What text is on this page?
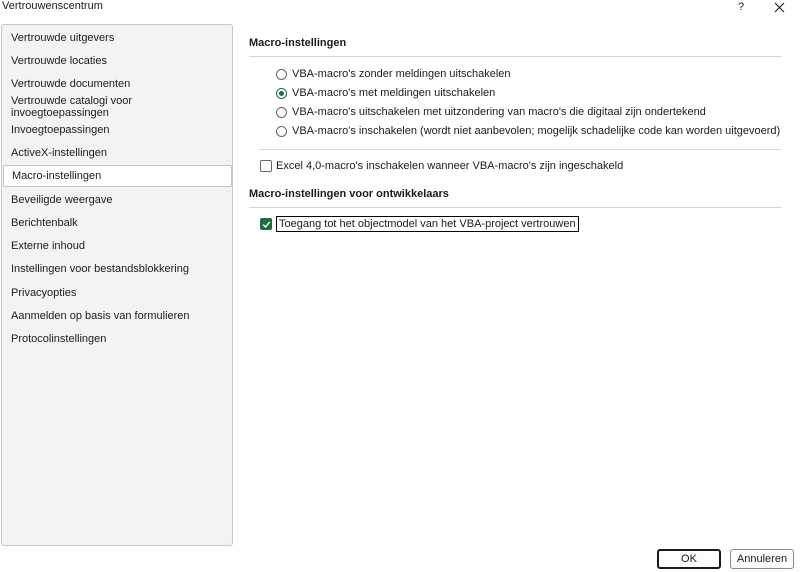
Vertrouwenscentrum	?
Vertrouwde uitgevers
Vertrouwde locaties
Vertrouwde documenten
Vertrouwde catalogi voor invoegtoepassingen
Invoegtoepassingen
ActiveX-instellingen
Macro-instellingen
Beveiligde weergave
Berichtenbalk
Externe inhoud
Instellingen voor bestandsblokkering
Privacyopties
Aanmelden op basis van formulieren
Protocolinstellingen
Macro-instellingen
VBA-macro's zonder meldingen uitschakelen
VBA-macro's met meldingen uitschakelen
VBA-macro's uitschakelen met uitzondering van macro's die digitaal zijn ondertekend
VBA-macro's inschakelen (wordt niet aanbevolen; mogelijk schadelijke code kan worden uitgevoerd)
Excel 4,0-macro's inschakelen wanneer VBA-macro's zijn ingeschakeld
Macro-instellingen voor ontwikkelaars
Toegang tot het objectmodel van het VBA-project vertrouwen
OK	Annuleren
